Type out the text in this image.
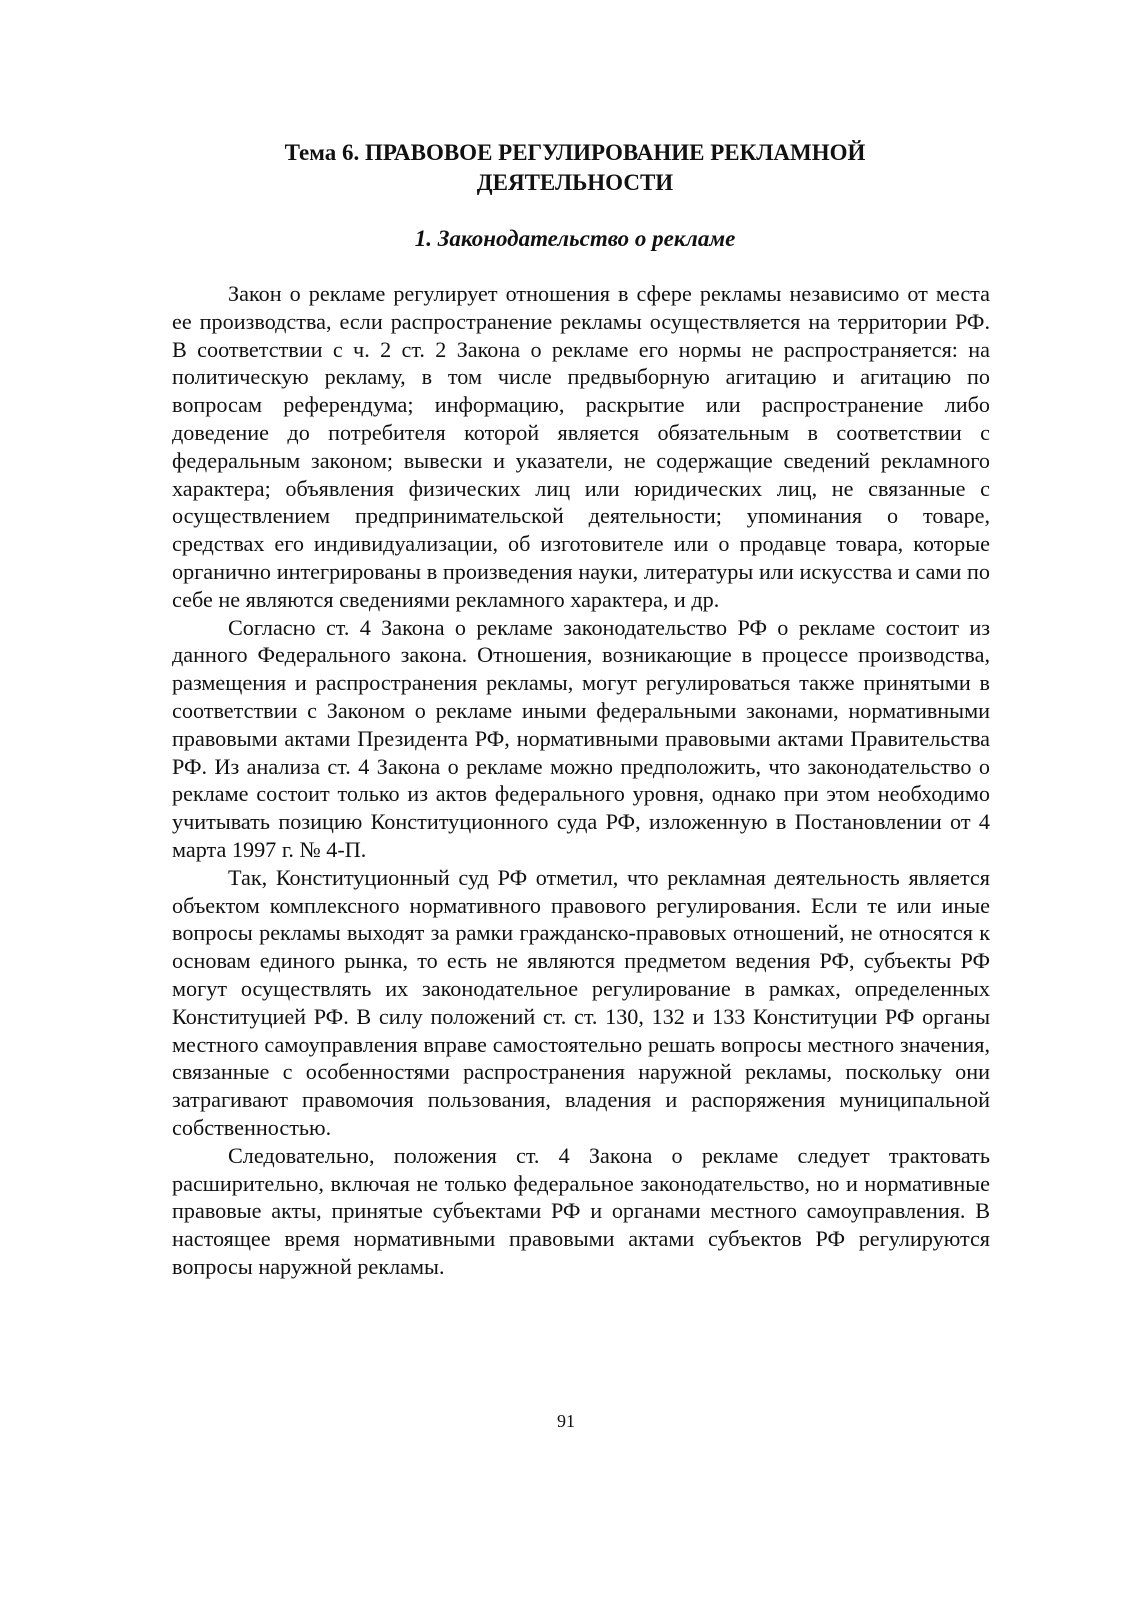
Тема 6. ПРАВОВОЕ РЕГУЛИРОВАНИЕ РЕКЛАМНОЙ
ДЕЯТЕЛЬНОСТИ
1. Законодательство о рекламе

Закон о рекламе регулирует отношения в сфере рекламы независимо от места ее производства, если распространение рекламы осуществляется на территории РФ. В соответствии с ч. 2 ст. 2 Закона о рекламе его нормы не распространяется: на политическую рекламу, в том числе предвыборную агитацию и агитацию по вопросам референдума; информацию, раскрытие или распространение либо доведение до потребителя которой является обязательным в соответствии с федеральным законом; вывески и указатели, не содержащие сведений рекламного характера; объявления физических лиц или юридических лиц, не связанные с осуществлением предпринимательской деятельности; упоминания о товаре, средствах его индивидуализации, об изготовителе или о продавце товара, которые органично интегрированы в произведения науки, литературы или искусства и сами по себе не являются сведениями рекламного характера, и др.

Согласно ст. 4 Закона о рекламе законодательство РФ о рекламе состоит из данного Федерального закона. Отношения, возникающие в процессе производства, размещения и распространения рекламы, могут регулироваться также принятыми в соответствии с Законом о рекламе иными федеральными законами, нормативными правовыми актами Президента РФ, нормативными правовыми актами Правительства РФ. Из анализа ст. 4 Закона о рекламе можно предположить, что законодательство о рекламе состоит только из актов федерального уровня, однако при этом необходимо учитывать позицию Конституционного суда РФ, изложенную в Постановлении от 4 марта 1997 г. № 4-П.

Так, Конституционный суд РФ отметил, что рекламная деятельность является объектом комплексного нормативного правового регулирования. Если те или иные вопросы рекламы выходят за рамки гражданско-правовых отношений, не относятся к основам единого рынка, то есть не являются предметом ведения РФ, субъекты РФ могут осуществлять их законодательное регулирование в рамках, определенных Конституцией РФ. В силу положений ст. ст. 130, 132 и 133 Конституции РФ органы местного самоуправления вправе самостоятельно решать вопросы местного значения, связанные с особенностями распространения наружной рекламы, поскольку они затрагивают правомочия пользования, владения и распоряжения муниципальной собственностью.

Следовательно, положения ст. 4 Закона о рекламе следует трактовать расширительно, включая не только федеральное законодательство, но и нормативные правовые акты, принятые субъектами РФ и органами местного самоуправления. В настоящее время нормативными правовыми актами субъектов РФ регулируются вопросы наружной рекламы.

91
